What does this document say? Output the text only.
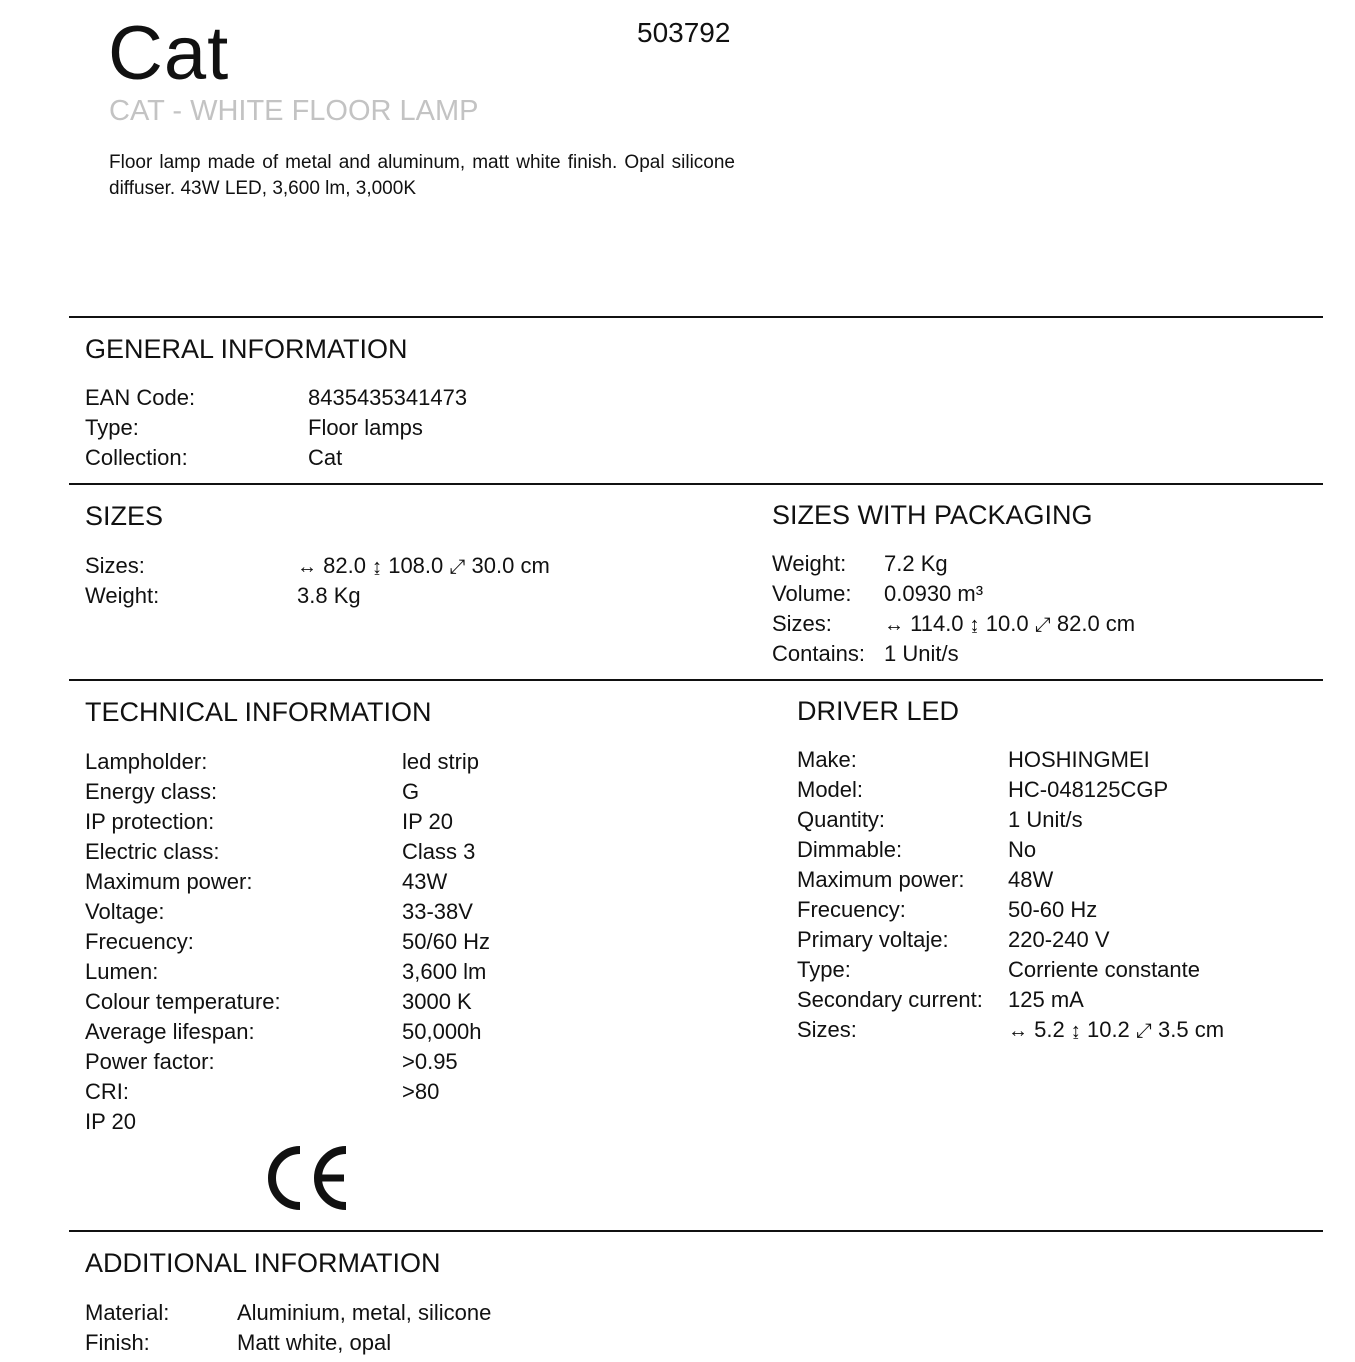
Cat	503792
CAT - WHITE FLOOR LAMP
Floor lamp made of metal and aluminum, matt white finish. Opal silicone diffuser. 43W LED, 3,600 lm, 3,000K
GENERAL INFORMATION
EAN Code:	8435435341473
Type:	Floor lamps
Collection:	Cat
SIZES
Sizes:	↔ 82.0 ↨ 108.0 ⤢ 30.0 cm
Weight:	3.8 Kg
SIZES WITH PACKAGING
Weight: 7.2 Kg
Volume: 0.0930 m³
Sizes:	↔ 114.0 ↨ 10.0 ⤢ 82.0 cm
Contains: 1 Unit/s
TECHNICAL INFORMATION
Lampholder:	led strip
Energy class:	G
IP protection:	IP 20
Electric class:	Class 3
Maximum power:	43W
Voltage:	33-38V
Frecuency:	50/60 Hz
Lumen:	3,600 lm
Colour temperature:	3000 K
Average lifespan:	50,000h
Power factor:	>0.95
CRI:	>80
IP 20
DRIVER LED
Make:	HOSHINGMEI
Model:	HC-048125CGP
Quantity:	1 Unit/s
Dimmable:	No
Maximum power: 48W
Frecuency:	50-60 Hz
Primary voltaje:	220-240 V
Type:	Corriente constante
Secondary current: 125 mA
Sizes:	↔ 5.2 ↨ 10.2 ⤢ 3.5 cm
ADDITIONAL INFORMATION
Material:	Aluminium, metal, silicone
Finish:	Matt white, opal
